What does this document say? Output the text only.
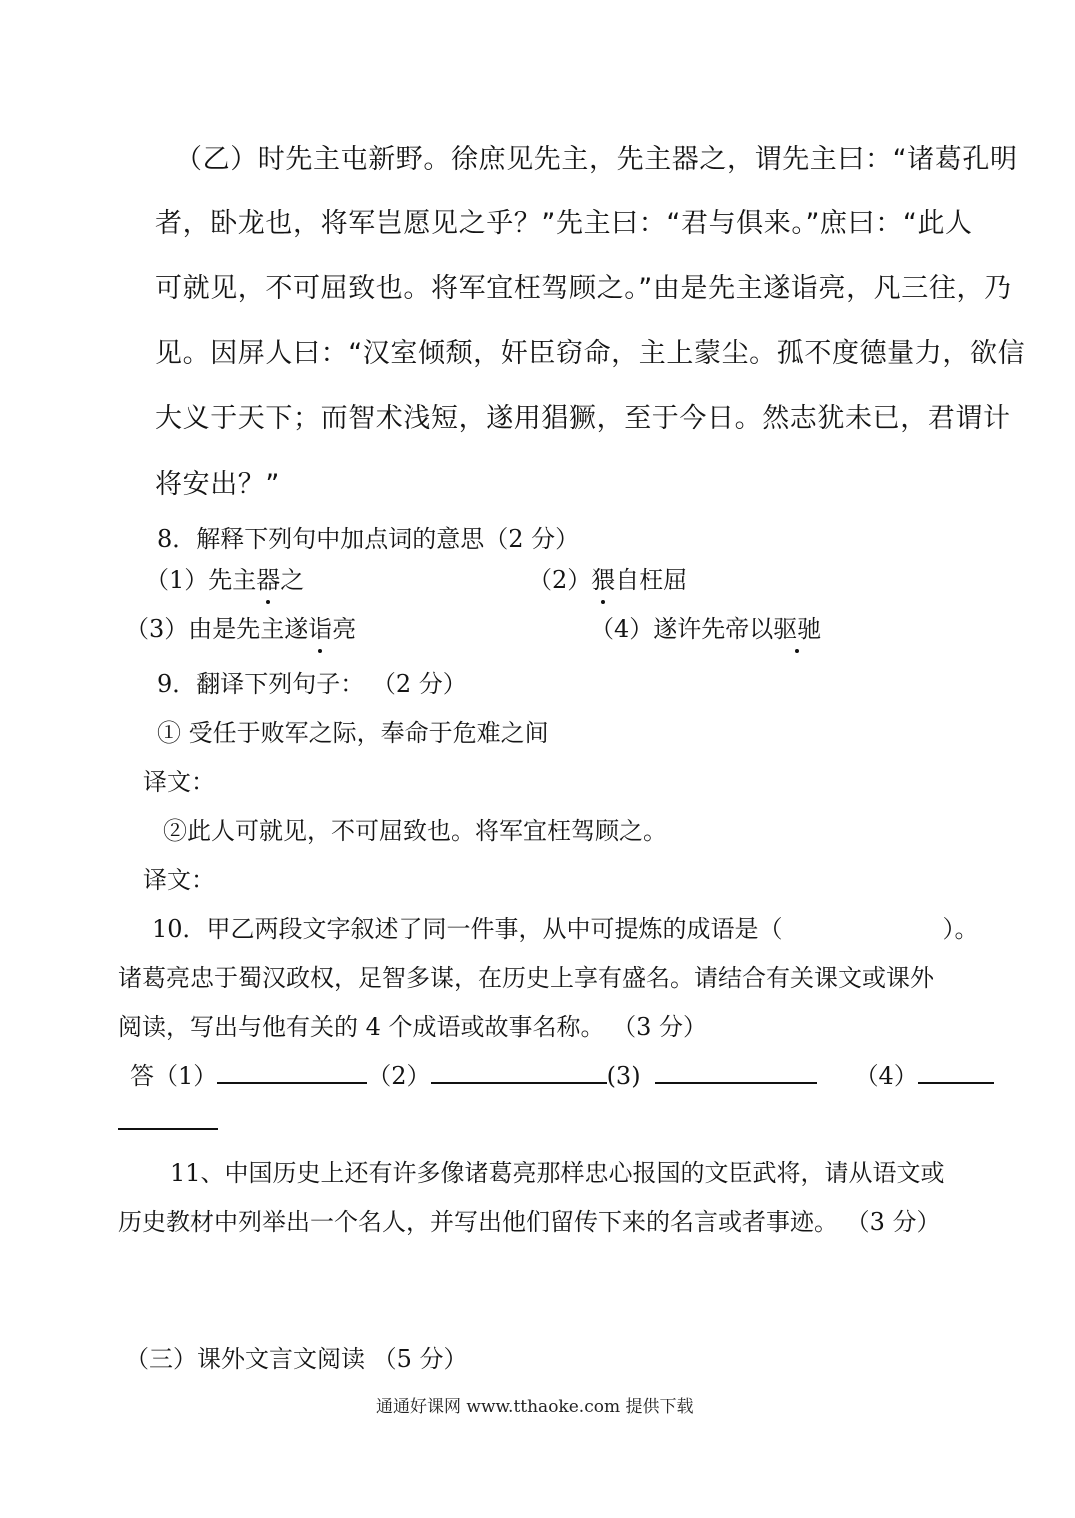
（乙）时先主屯新野。徐庶见先主，先主器之，谓先主曰：“诸葛孔明
者，卧龙也，将军岂愿见之乎？”先主曰：“君与俱来。”庶曰：“此人
可就见，不可屈致也。将军宜枉驾顾之。”由是先主遂诣亮，凡三往，乃
见。因屏人曰：“汉室倾颓，奸臣窃命，主上蒙尘。孤不度德量力，欲信
大义于天下；而智术浅短，遂用猖獗，至于今日。然志犹未已，君谓计
将安出？”
8．解释下列句中加点词的意思（2 分）
（1）先主器之	（2）猥自枉屈
（3）由是先主遂诣亮	（4）遂许先帝以驱驰
9．翻译下列句子： （2 分）
① 受任于败军之际，奉命于危难之间
译文：
②此人可就见，不可屈致也。将军宜枉驾顾之。
译文：
10．甲乙两段文字叙述了同一件事，从中可提炼的成语是（	）。
诸葛亮忠于蜀汉政权，足智多谋，在历史上享有盛名。请结合有关课文或课外
阅读，写出与他有关的 4 个成语或故事名称。 （3 分）
答（1）	（2）	(3)	（4）
11、中国历史上还有许多像诸葛亮那样忠心报国的文臣武将，请从语文或
历史教材中列举出一个名人，并写出他们留传下来的名言或者事迹。 （3 分）
（三）课外文言文阅读 （5 分）
通通好课网 www.tthaoke.com 提供下载
